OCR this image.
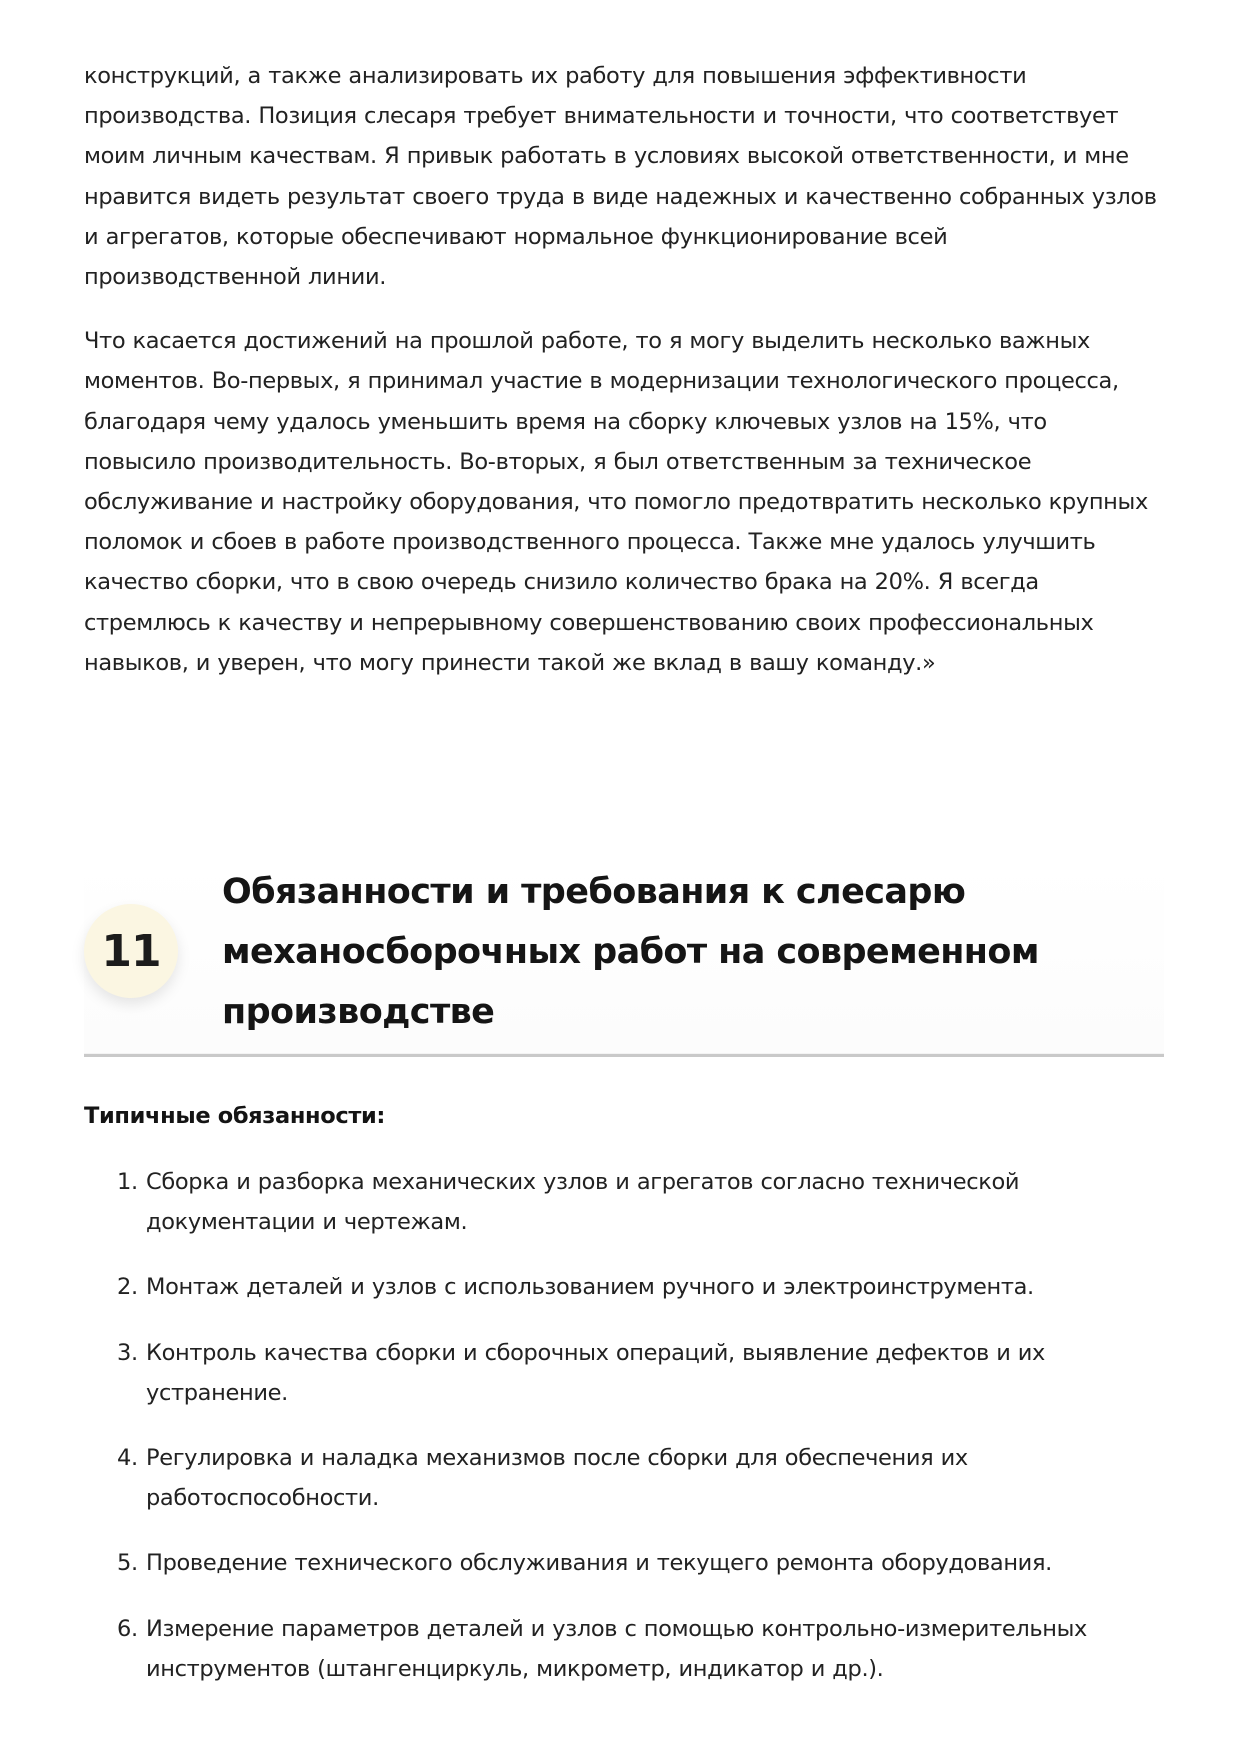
конструкций, а также анализировать их работу для повышения эффективности производства. Позиция слесаря требует внимательности и точности, что соответствует моим личным качествам. Я привык работать в условиях высокой ответственности, и мне нравится видеть результат своего труда в виде надежных и качественно собранных узлов и агрегатов, которые обеспечивают нормальное функционирование всей производственной линии.

Что касается достижений на прошлой работе, то я могу выделить несколько важных моментов. Во-первых, я принимал участие в модернизации технологического процесса, благодаря чему удалось уменьшить время на сборку ключевых узлов на 15%, что повысило производительность. Во-вторых, я был ответственным за техническое обслуживание и настройку оборудования, что помогло предотвратить несколько крупных поломок и сбоев в работе производственного процесса. Также мне удалось улучшить качество сборки, что в свою очередь снизило количество брака на 20%. Я всегда стремлюсь к качеству и непрерывному совершенствованию своих профессиональных навыков, и уверен, что могу принести такой же вклад в вашу команду.»

11
Обязанности и требования к слесарю механосборочных работ на современном производстве

Типичные обязанности:

1. Сборка и разборка механических узлов и агрегатов согласно технической документации и чертежам.
2. Монтаж деталей и узлов с использованием ручного и электроинструмента.
3. Контроль качества сборки и сборочных операций, выявление дефектов и их устранение.
4. Регулировка и наладка механизмов после сборки для обеспечения их работоспособности.
5. Проведение технического обслуживания и текущего ремонта оборудования.
6. Измерение параметров деталей и узлов с помощью контрольно-измерительных инструментов (штангенциркуль, микрометр, индикатор и др.).
